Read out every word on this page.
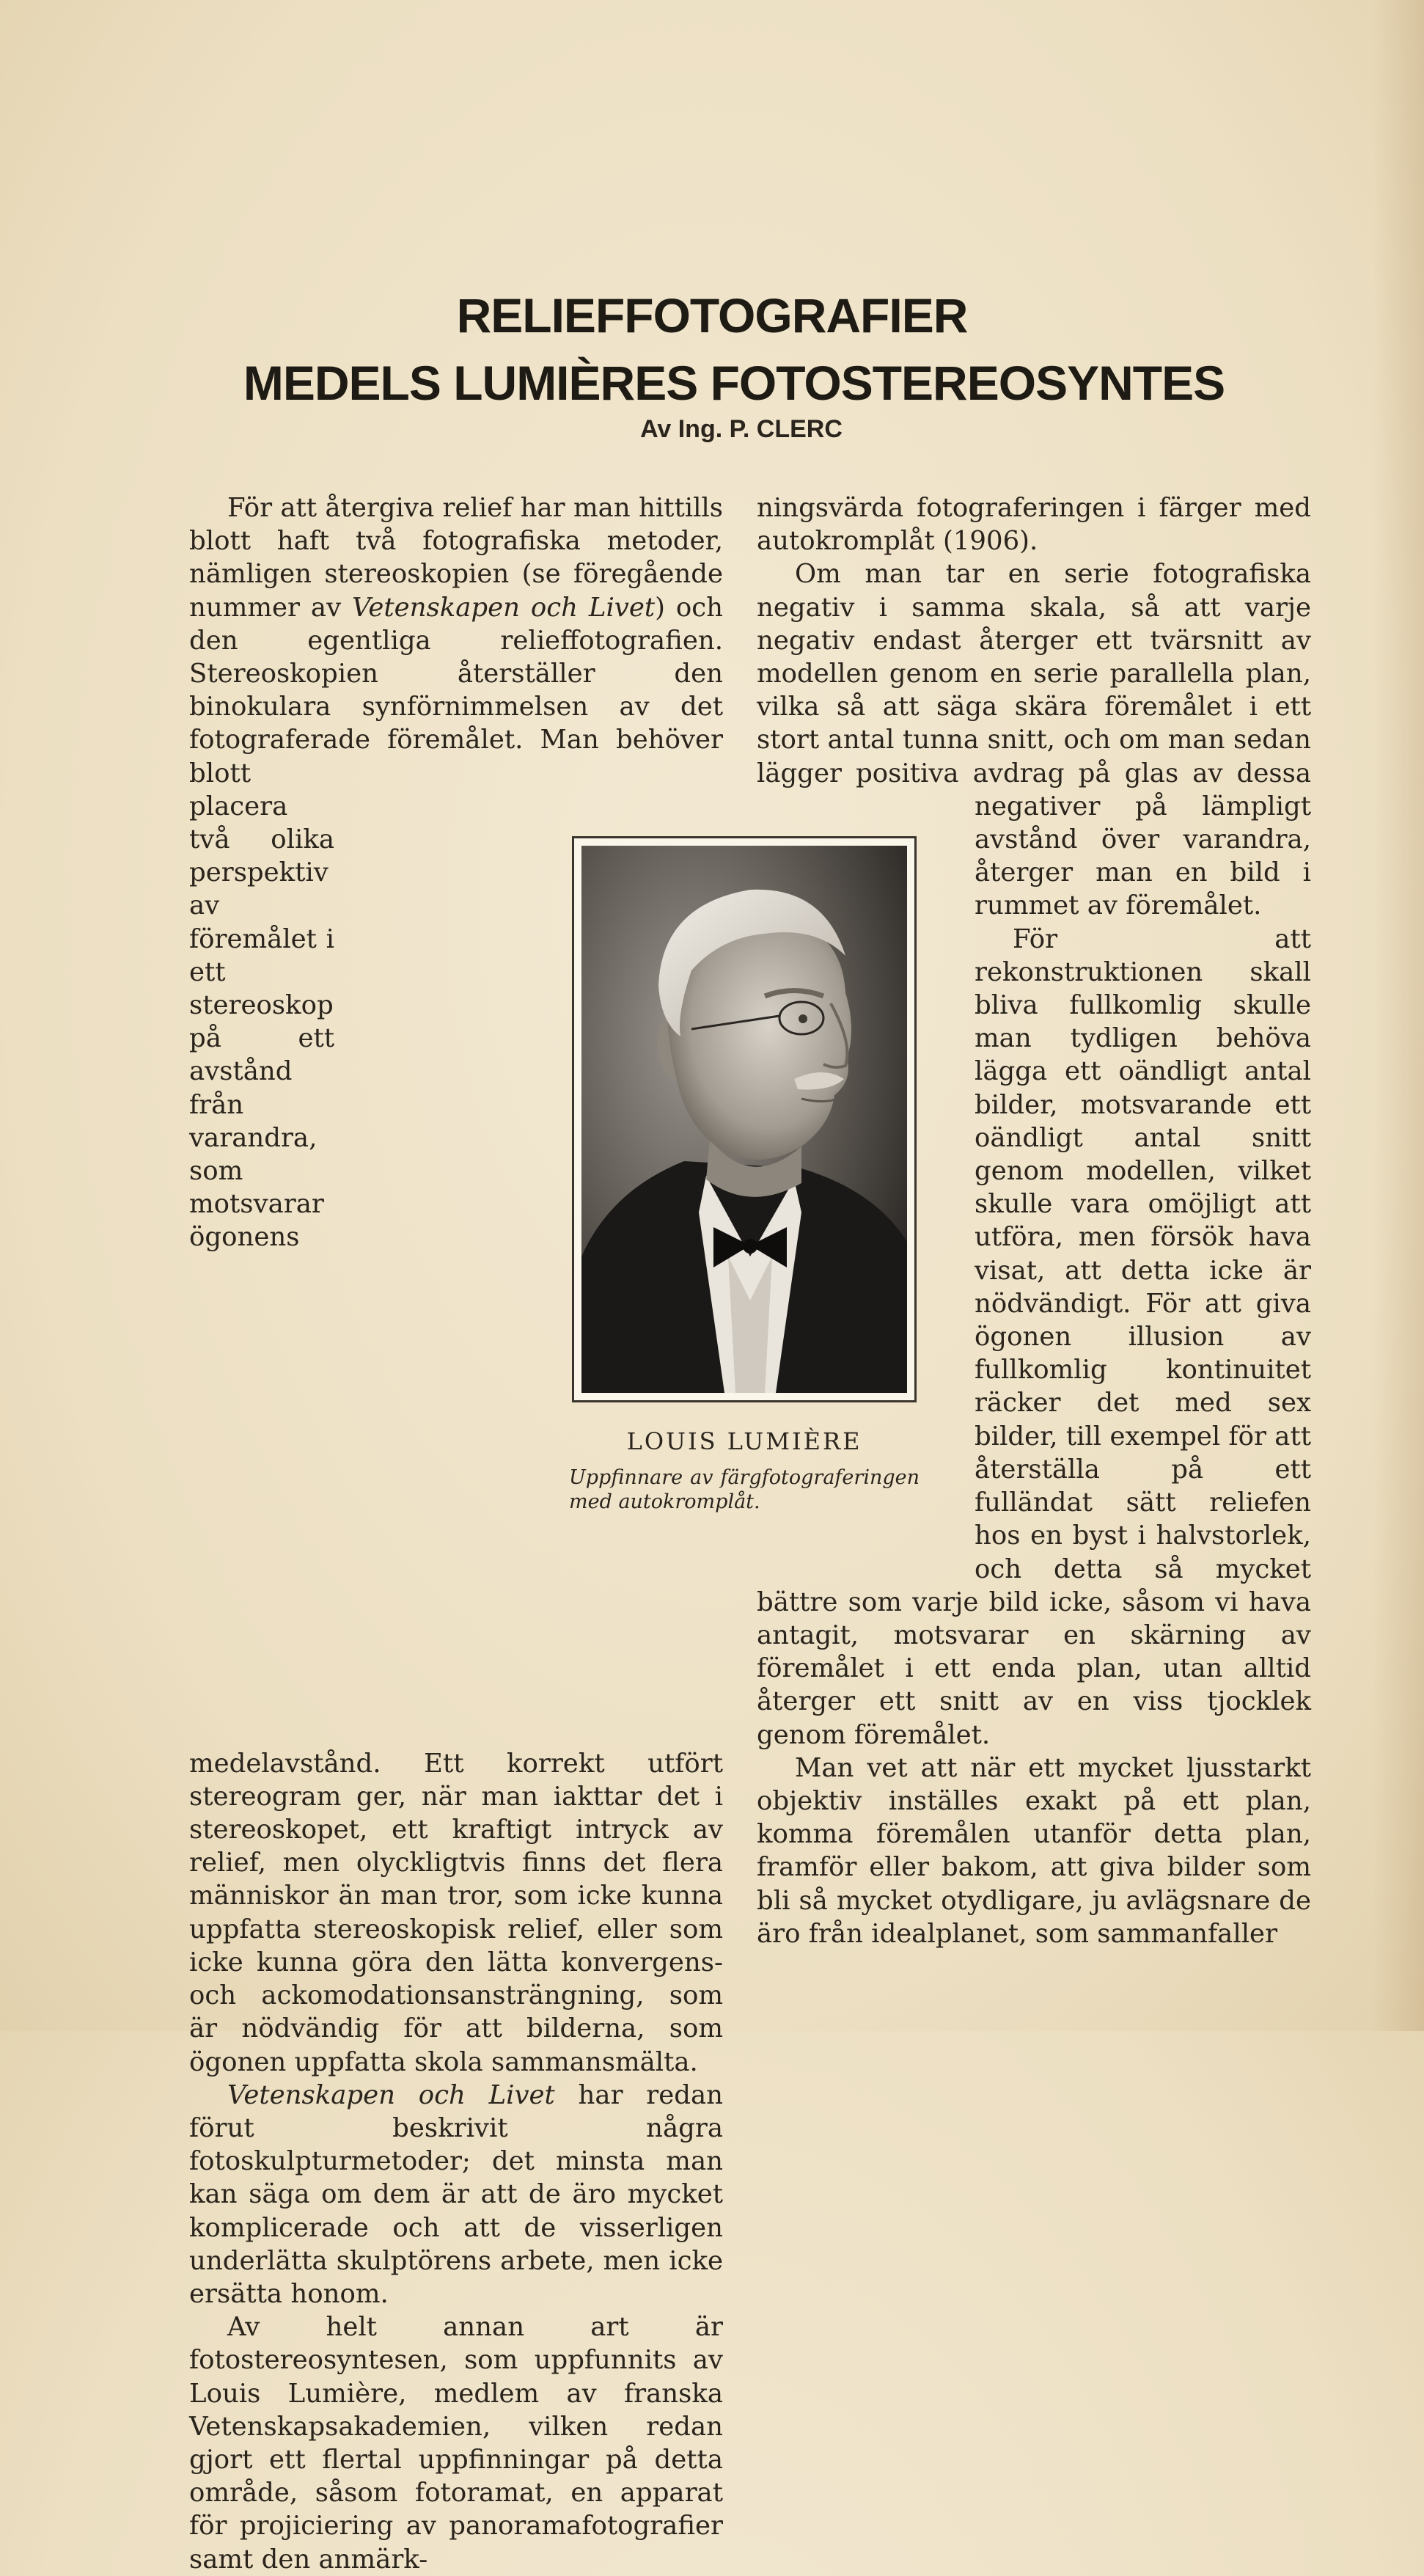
RELIEFFOTOGRAFIER
MEDELS LUMIÈRES FOTOSTEREOSYNTES
Av Ing. P. CLERC

För att återgiva relief har man hittills blott haft två fotografiska metoder, nämligen stereoskopien (se föregående nummer av Vetenskapen och Livet) och den egentliga relieffotografien. Stereoskopien återställer den binokulara synförnimmelsen av det fotograferade föremålet. Man behöver blott placera två olika perspektiv av föremålet i ett stereoskop på ett avstånd från varandra, som motsvarar ögonens medelavstånd. Ett korrekt utfört stereogram ger, när man iakttar det i stereoskopet, ett kraftigt intryck av relief, men olyckligtvis finns det flera människor än man tror, som icke kunna uppfatta stereoskopisk relief, eller som icke kunna göra den lätta konvergens- och ackomodationsansträngning, som är nödvändig för att bilderna, som ögonen uppfatta skola sammansmälta.

Vetenskapen och Livet har redan förut beskrivit några fotoskulpturmetoder; det minsta man kan säga om dem är att de äro mycket komplicerade och att de visserligen underlätta skulptörens arbete, men icke ersätta honom.

Av helt annan art är fotostereosyntesen, som uppfunnits av Louis Lumière, medlem av franska Vetenskapsakademien, vilken redan gjort ett flertal uppfinningar på detta område, såsom fotoramat, en apparat för projiciering av panoramafotografier samt den anmärk-

ningsvärda fotograferingen i färger med autokromplåt (1906).

Om man tar en serie fotografiska negativ i samma skala, så att varje negativ endast återger ett tvärsnitt av modellen genom en serie parallella plan, vilka så att säga skära föremålet i ett stort antal tunna snitt, och om man sedan lägger positiva avdrag på glas av dessa negativer på lämpligt avstånd över varandra, återger man en bild i rummet av föremålet.

För att rekonstruktionen skall bliva fullkomlig skulle man tydligen behöva lägga ett oändligt antal bilder, motsvarande ett oändligt antal snitt genom modellen, vilket skulle vara omöjligt att utföra, men försök hava visat, att detta icke är nödvändigt. För att giva ögonen illusion av fullkomlig kontinuitet räcker det med sex bilder, till exempel för att återställa på ett fulländat sätt reliefen hos en byst i halvstorlek, och detta så mycket bättre som varje bild icke, såsom vi hava antagit, motsvarar en skärning av föremålet i ett enda plan, utan alltid återger ett snitt av en viss tjocklek genom föremålet.

Man vet att när ett mycket ljusstarkt objektiv inställes exakt på ett plan, komma föremålen utanför detta plan, framför eller bakom, att giva bilder som bli så mycket otydligare, ju avlägsnare de äro från idealplanet, som sammanfaller

LOUIS LUMIÈRE
Uppfinnare av färgfotograferingen med autokromplåt.
